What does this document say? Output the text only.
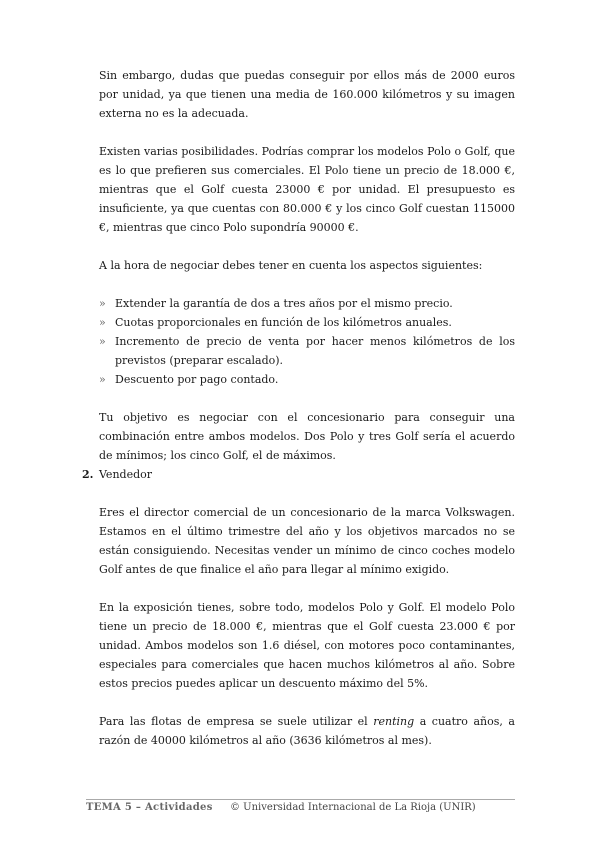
Sin embargo, dudas que puedas conseguir por ellos más de 2000 euros por unidad, ya que tienen una media de 160.000 kilómetros y su imagen externa no es la adecuada.

Existen varias posibilidades. Podrías comprar los modelos Polo o Golf, que es lo que prefieren sus comerciales. El Polo tiene un precio de 18.000 €, mientras que el Golf cuesta 23000 € por unidad. El presupuesto es insuficiente, ya que cuentas con 80.000 € y los cinco Golf cuestan 115000 €, mientras que cinco Polo supondría 90000 €.

A la hora de negociar debes tener en cuenta los aspectos siguientes:

» Extender la garantía de dos a tres años por el mismo precio.
» Cuotas proporcionales en función de los kilómetros anuales.
» Incremento de precio de venta por hacer menos kilómetros de los previstos (preparar escalado).
» Descuento por pago contado.

Tu objetivo es negociar con el concesionario para conseguir una combinación entre ambos modelos. Dos Polo y tres Golf sería el acuerdo de mínimos; los cinco Golf, el de máximos.

2. Vendedor

Eres el director comercial de un concesionario de la marca Volkswagen. Estamos en el último trimestre del año y los objetivos marcados no se están consiguiendo. Necesitas vender un mínimo de cinco coches modelo Golf antes de que finalice el año para llegar al mínimo exigido.

En la exposición tienes, sobre todo, modelos Polo y Golf. El modelo Polo tiene un precio de 18.000 €, mientras que el Golf cuesta 23.000 € por unidad. Ambos modelos son 1.6 diésel, con motores poco contaminantes, especiales para comerciales que hacen muchos kilómetros al año. Sobre estos precios puedes aplicar un descuento máximo del 5%.

Para las flotas de empresa se suele utilizar el renting a cuatro años, a razón de 40000 kilómetros al año (3636 kilómetros al mes).

TEMA 5 – Actividades © Universidad Internacional de La Rioja (UNIR)
